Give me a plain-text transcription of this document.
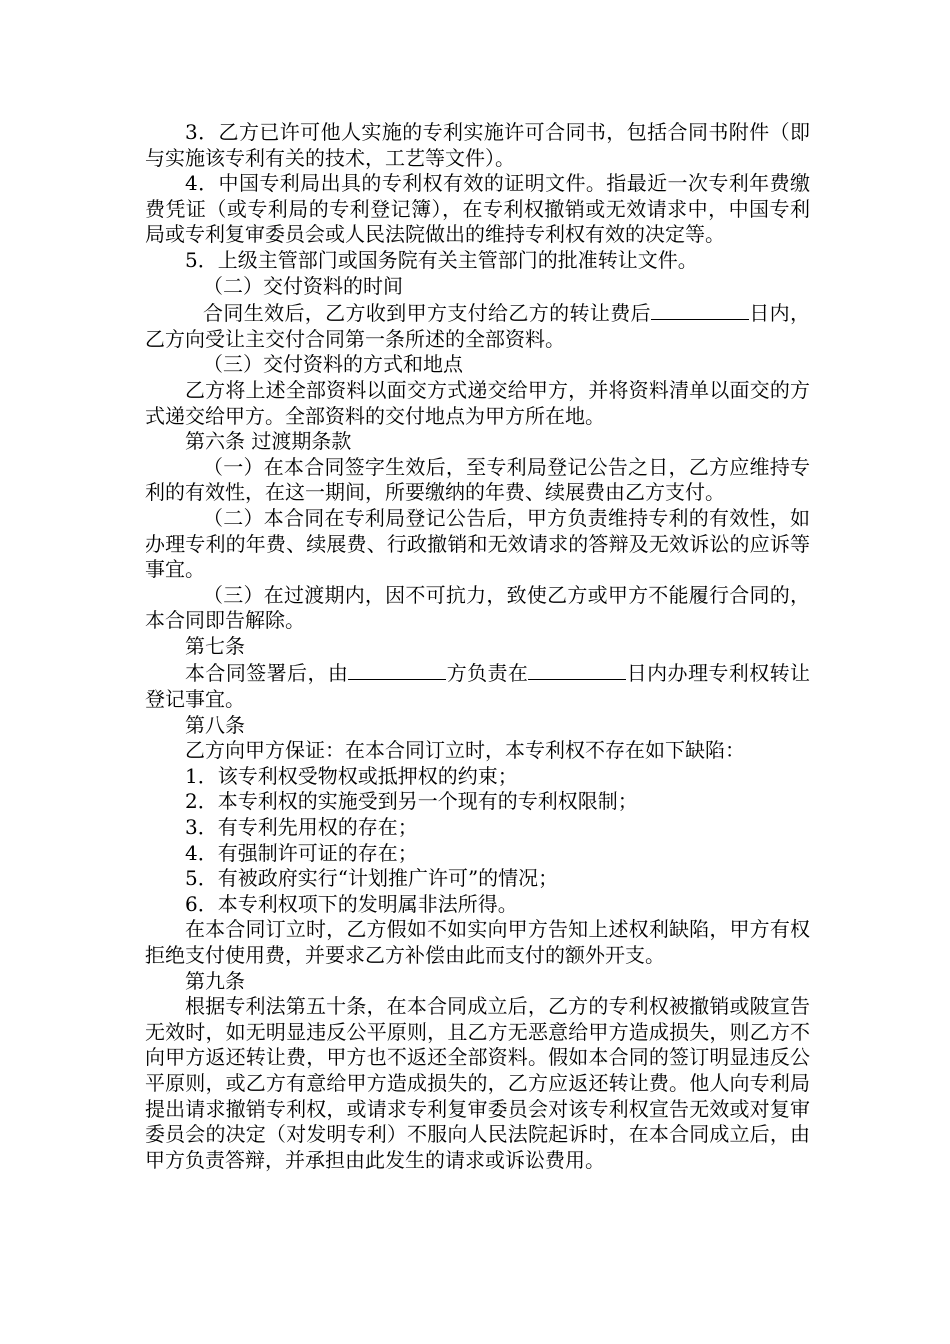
3．乙方已许可他人实施的专利实施许可合同书，包括合同书附件（即与实施该专利有关的技术，工艺等文件）。

4．中国专利局出具的专利权有效的证明文件。指最近一次专利年费缴费凭证（或专利局的专利登记簿），在专利权撤销或无效请求中，中国专利局或专利复审委员会或人民法院做出的维持专利权有效的决定等。

5．上级主管部门或国务院有关主管部门的批准转让文件。

（二）交付资料的时间

合同生效后，乙方收到甲方支付给乙方的转让费后	日内，乙方向受让主交付合同第一条所述的全部资料。

（三）交付资料的方式和地点

乙方将上述全部资料以面交方式递交给甲方，并将资料清单以面交的方式递交给甲方。全部资料的交付地点为甲方所在地。

第六条 过渡期条款

（一）在本合同签字生效后，至专利局登记公告之日，乙方应维持专利的有效性，在这一期间，所要缴纳的年费、续展费由乙方支付。

（二）本合同在专利局登记公告后，甲方负责维持专利的有效性，如办理专利的年费、续展费、行政撤销和无效请求的答辩及无效诉讼的应诉等事宜。

（三）在过渡期内，因不可抗力，致使乙方或甲方不能履行合同的，本合同即告解除。

第七条

本合同签署后，由	方负责在	日内办理专利权转让登记事宜。

第八条

乙方向甲方保证：在本合同订立时，本专利权不存在如下缺陷：

1．该专利权受物权或抵押权的约束；

2．本专利权的实施受到另一个现有的专利权限制；

3．有专利先用权的存在；

4．有强制许可证的存在；

5．有被政府实行“计划推广许可”的情况；

6．本专利权项下的发明属非法所得。

在本合同订立时，乙方假如不如实向甲方告知上述权利缺陷，甲方有权拒绝支付使用费，并要求乙方补偿由此而支付的额外开支。

第九条

根据专利法第五十条，在本合同成立后，乙方的专利权被撤销或陂宣告无效时，如无明显违反公平原则，且乙方无恶意给甲方造成损失，则乙方不向甲方返还转让费，甲方也不返还全部资料。假如本合同的签订明显违反公平原则，或乙方有意给甲方造成损失的，乙方应返还转让费。他人向专利局提出请求撤销专利权，或请求专利复审委员会对该专利权宣告无效或对复审委员会的决定（对发明专利）不服向人民法院起诉时，在本合同成立后，由甲方负责答辩，并承担由此发生的请求或诉讼费用。
